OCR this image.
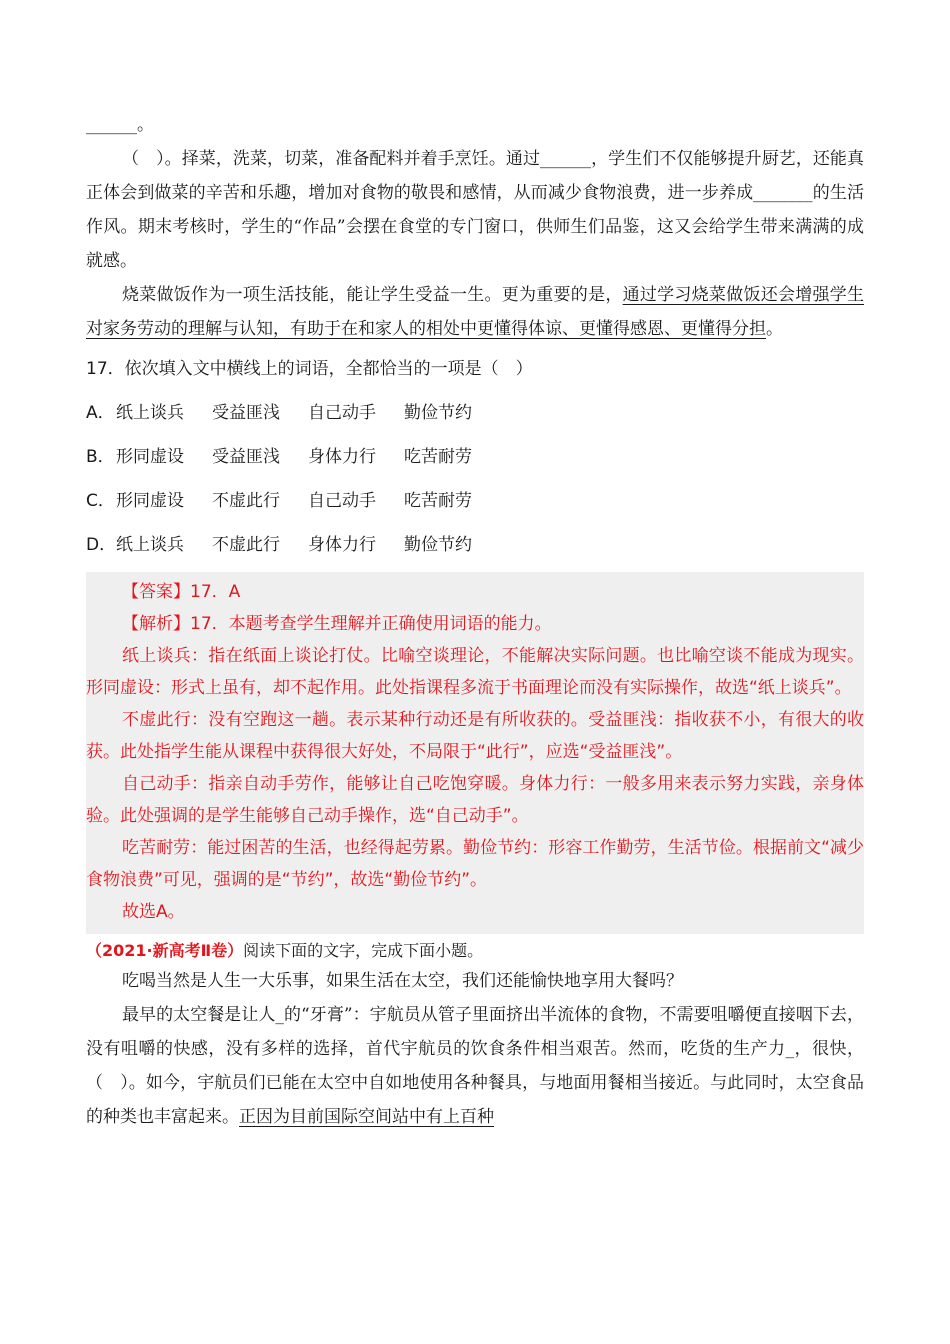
______。

（　）。择菜，洗菜，切菜，准备配料并着手烹饪。通过______，学生们不仅能够提升厨艺，还能真正体会到做菜的辛苦和乐趣，增加对食物的敬畏和感情，从而减少食物浪费，进一步养成_______的生活作风。期末考核时，学生的“作品”会摆在食堂的专门窗口，供师生们品鉴，这又会给学生带来满满的成就感。

烧菜做饭作为一项生活技能，能让学生受益一生。更为重要的是，通过学习烧菜做饭还会增强学生对家务劳动的理解与认知，有助于在和家人的相处中更懂得体谅、更懂得感恩、更懂得分担。

17．依次填入文中横线上的词语，全都恰当的一项是（　）

A．纸上谈兵 受益匪浅 自己动手 勤俭节约
B．形同虚设 受益匪浅 身体力行 吃苦耐劳
C．形同虚设 不虚此行 自己动手 吃苦耐劳
D．纸上谈兵 不虚此行 身体力行 勤俭节约

【答案】17．A

【解析】17．本题考查学生理解并正确使用词语的能力。

纸上谈兵：指在纸面上谈论打仗。比喻空谈理论，不能解决实际问题。也比喻空谈不能成为现实。形同虚设：形式上虽有，却不起作用。此处指课程多流于书面理论而没有实际操作，故选“纸上谈兵”。

不虚此行：没有空跑这一趟。表示某种行动还是有所收获的。受益匪浅：指收获不小，有很大的收获。此处指学生能从课程中获得很大好处，不局限于“此行”，应选“受益匪浅”。

自己动手：指亲自动手劳作，能够让自己吃饱穿暖。身体力行：一般多用来表示努力实践，亲身体验。此处强调的是学生能够自己动手操作，选“自己动手”。

吃苦耐劳：能过困苦的生活，也经得起劳累。勤俭节约：形容工作勤劳，生活节俭。根据前文“减少食物浪费”可见，强调的是“节约”，故选“勤俭节约”。

故选A。

（2021·新高考Ⅱ卷）阅读下面的文字，完成下面小题。

吃喝当然是人生一大乐事，如果生活在太空，我们还能愉快地享用大餐吗？

最早的太空餐是让人_的“牙膏”：宇航员从管子里面挤出半流体的食物，不需要咀嚼便直接咽下去，没有咀嚼的快感，没有多样的选择，首代宇航员的饮食条件相当艰苦。然而，吃货的生产力_，很快，（　）。如今，宇航员们已能在太空中自如地使用各种餐具，与地面用餐相当接近。与此同时，太空食品的种类也丰富起来。正因为目前国际空间站中有上百种
